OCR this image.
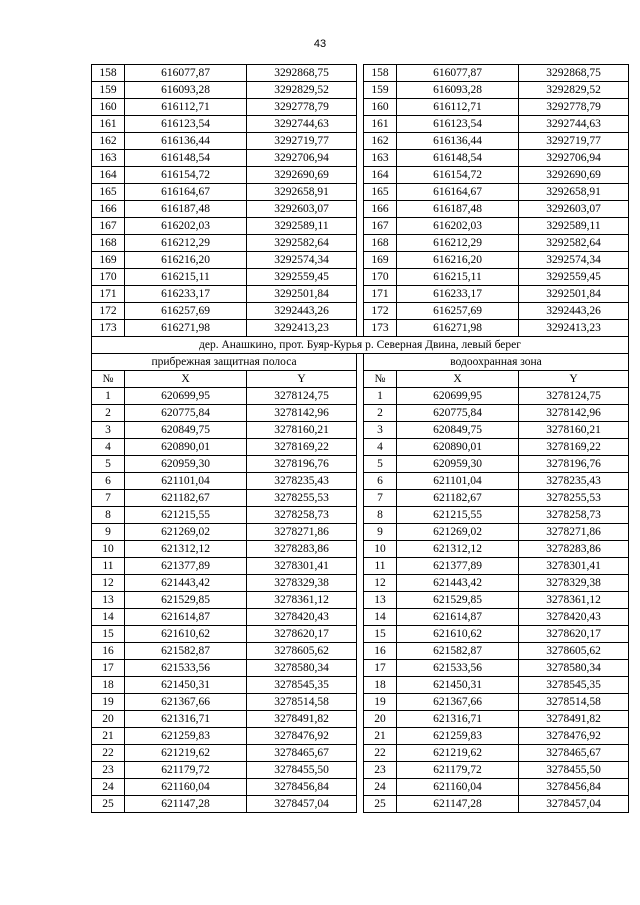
43
158	616077,87	3292868,75		158	616077,87	3292868,75
159	616093,28	3292829,52		159	616093,28	3292829,52
160	616112,71	3292778,79		160	616112,71	3292778,79
161	616123,54	3292744,63		161	616123,54	3292744,63
162	616136,44	3292719,77		162	616136,44	3292719,77
163	616148,54	3292706,94		163	616148,54	3292706,94
164	616154,72	3292690,69		164	616154,72	3292690,69
165	616164,67	3292658,91		165	616164,67	3292658,91
166	616187,48	3292603,07		166	616187,48	3292603,07
167	616202,03	3292589,11		167	616202,03	3292589,11
168	616212,29	3292582,64		168	616212,29	3292582,64
169	616216,20	3292574,34		169	616216,20	3292574,34
170	616215,11	3292559,45		170	616215,11	3292559,45
171	616233,17	3292501,84		171	616233,17	3292501,84
172	616257,69	3292443,26		172	616257,69	3292443,26
173	616271,98	3292413,23		173	616271,98	3292413,23
дер. Анашкино, прот. Буяр-Курья р. Северная Двина, левый берег						
прибрежная защитная полоса				водоохранная зона		
№	X	Y		№	X	Y
1	620699,95	3278124,75		1	620699,95	3278124,75
2	620775,84	3278142,96		2	620775,84	3278142,96
3	620849,75	3278160,21		3	620849,75	3278160,21
4	620890,01	3278169,22		4	620890,01	3278169,22
5	620959,30	3278196,76		5	620959,30	3278196,76
6	621101,04	3278235,43		6	621101,04	3278235,43
7	621182,67	3278255,53		7	621182,67	3278255,53
8	621215,55	3278258,73		8	621215,55	3278258,73
9	621269,02	3278271,86		9	621269,02	3278271,86
10	621312,12	3278283,86		10	621312,12	3278283,86
11	621377,89	3278301,41		11	621377,89	3278301,41
12	621443,42	3278329,38		12	621443,42	3278329,38
13	621529,85	3278361,12		13	621529,85	3278361,12
14	621614,87	3278420,43		14	621614,87	3278420,43
15	621610,62	3278620,17		15	621610,62	3278620,17
16	621582,87	3278605,62		16	621582,87	3278605,62
17	621533,56	3278580,34		17	621533,56	3278580,34
18	621450,31	3278545,35		18	621450,31	3278545,35
19	621367,66	3278514,58		19	621367,66	3278514,58
20	621316,71	3278491,82		20	621316,71	3278491,82
21	621259,83	3278476,92		21	621259,83	3278476,92
22	621219,62	3278465,67		22	621219,62	3278465,67
23	621179,72	3278455,50		23	621179,72	3278455,50
24	621160,04	3278456,84		24	621160,04	3278456,84
25	621147,28	3278457,04		25	621147,28	3278457,04
